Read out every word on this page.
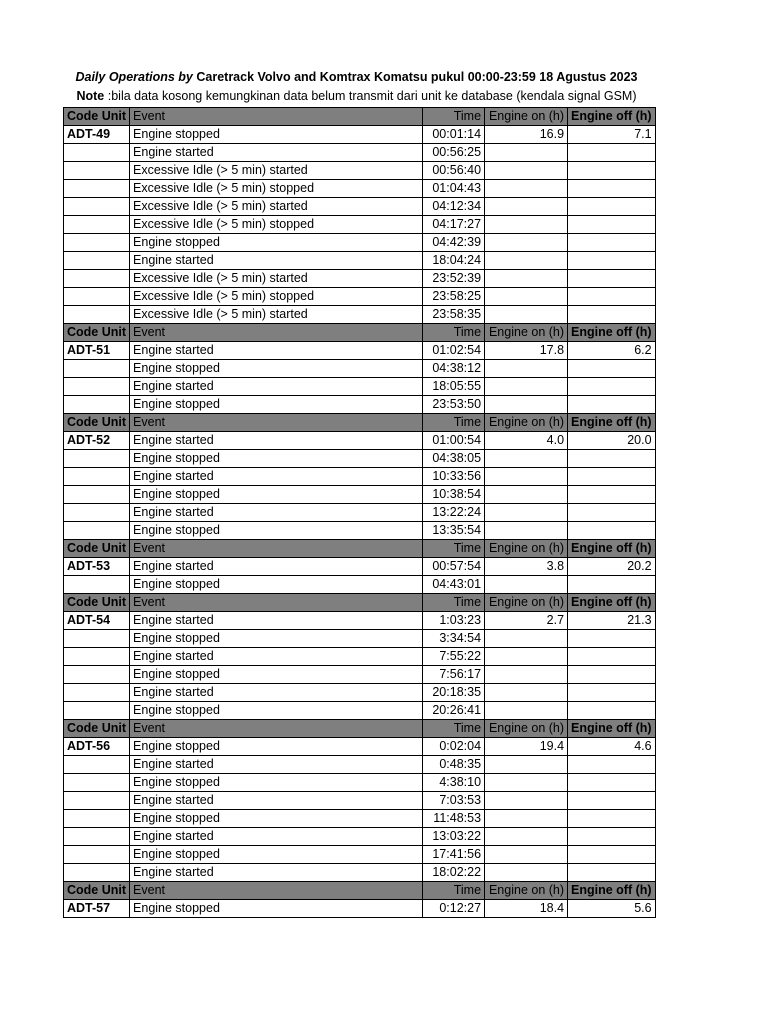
Daily Operations by Caretrack Volvo and Komtrax Komatsu pukul 00:00-23:59 18 Agustus 2023
Note :bila data kosong kemungkinan data belum transmit dari unit ke database (kendala signal GSM)
Code Unit	Event	Time	Engine on (h)	Engine off (h)
ADT-49	Engine stopped	00:01:14	16.9	7.1
	Engine started	00:56:25		
	Excessive Idle (> 5 min) started	00:56:40		
	Excessive Idle (> 5 min) stopped	01:04:43		
	Excessive Idle (> 5 min) started	04:12:34		
	Excessive Idle (> 5 min) stopped	04:17:27		
	Engine stopped	04:42:39		
	Engine started	18:04:24		
	Excessive Idle (> 5 min) started	23:52:39		
	Excessive Idle (> 5 min) stopped	23:58:25		
	Excessive Idle (> 5 min) started	23:58:35		
Code Unit	Event	Time	Engine on (h)	Engine off (h)
ADT-51	Engine started	01:02:54	17.8	6.2
	Engine stopped	04:38:12		
	Engine started	18:05:55		
	Engine stopped	23:53:50		
Code Unit	Event	Time	Engine on (h)	Engine off (h)
ADT-52	Engine started	01:00:54	4.0	20.0
	Engine stopped	04:38:05		
	Engine started	10:33:56		
	Engine stopped	10:38:54		
	Engine started	13:22:24		
	Engine stopped	13:35:54		
Code Unit	Event	Time	Engine on (h)	Engine off (h)
ADT-53	Engine started	00:57:54	3.8	20.2
	Engine stopped	04:43:01		
Code Unit	Event	Time	Engine on (h)	Engine off (h)
ADT-54	Engine started	1:03:23	2.7	21.3
	Engine stopped	3:34:54		
	Engine started	7:55:22		
	Engine stopped	7:56:17		
	Engine started	20:18:35		
	Engine stopped	20:26:41		
Code Unit	Event	Time	Engine on (h)	Engine off (h)
ADT-56	Engine stopped	0:02:04	19.4	4.6
	Engine started	0:48:35		
	Engine stopped	4:38:10		
	Engine started	7:03:53		
	Engine stopped	11:48:53		
	Engine started	13:03:22		
	Engine stopped	17:41:56		
	Engine started	18:02:22		
Code Unit	Event	Time	Engine on (h)	Engine off (h)
ADT-57	Engine stopped	0:12:27	18.4	5.6
